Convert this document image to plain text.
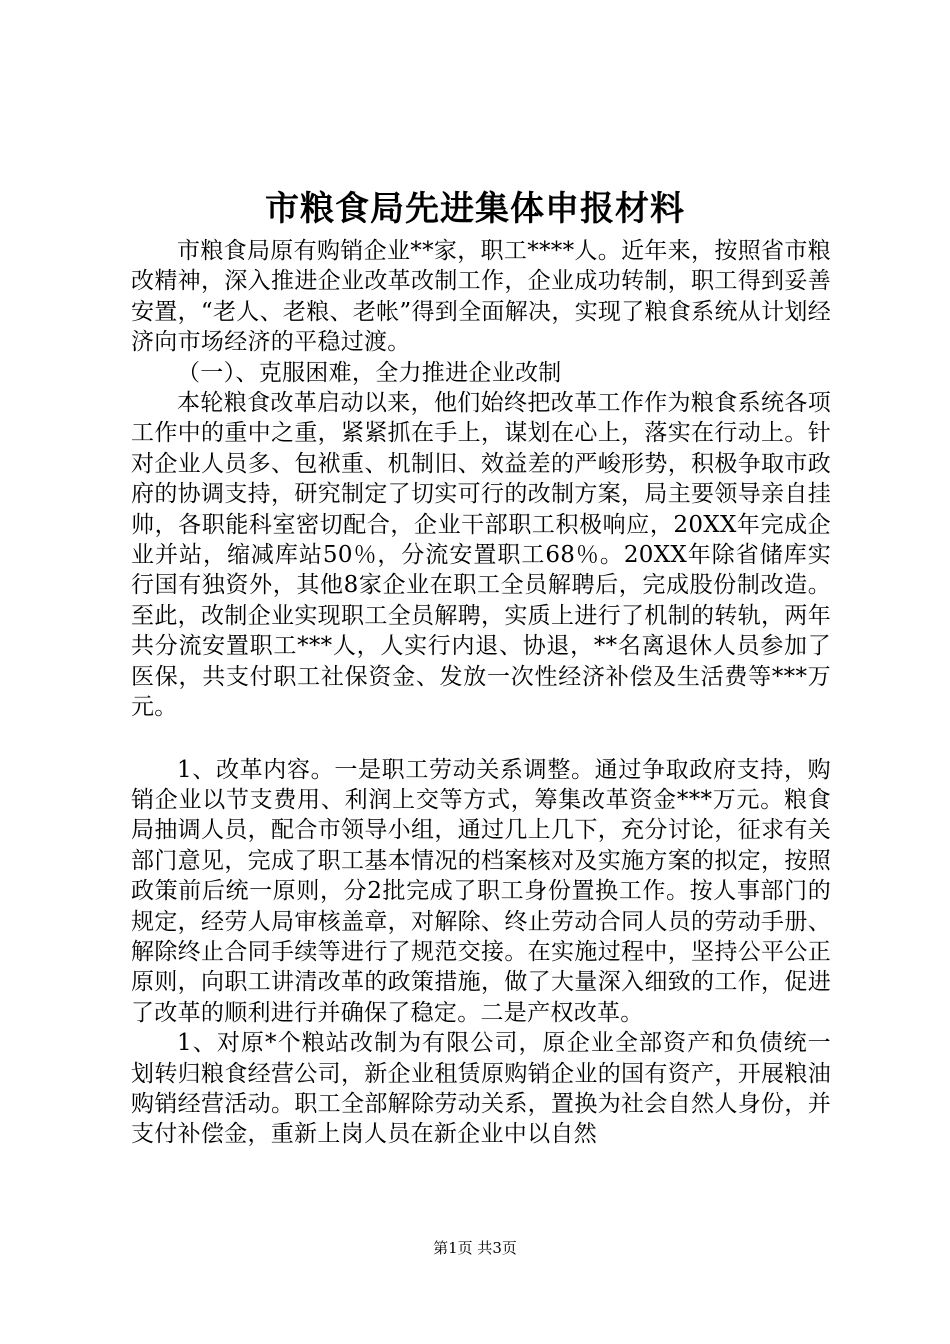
市粮食局先进集体申报材料

市粮食局原有购销企业**家，职工****人。近年来，按照省市粮改精神，深入推进企业改革改制工作，企业成功转制，职工得到妥善安置，“老人、老粮、老帐”得到全面解决，实现了粮食系统从计划经济向市场经济的平稳过渡。

（一）、克服困难，全力推进企业改制

本轮粮食改革启动以来，他们始终把改革工作作为粮食系统各项工作中的重中之重，紧紧抓在手上，谋划在心上，落实在行动上。针对企业人员多、包袱重、机制旧、效益差的严峻形势，积极争取市政府的协调支持，研究制定了切实可行的改制方案，局主要领导亲自挂帅，各职能科室密切配合，企业干部职工积极响应，20XX年完成企业并站，缩减库站50％，分流安置职工68％。20XX年除省储库实行国有独资外，其他8家企业在职工全员解聘后，完成股份制改造。至此，改制企业实现职工全员解聘，实质上进行了机制的转轨，两年共分流安置职工***人，人实行内退、协退，**名离退休人员参加了医保，共支付职工社保资金、发放一次性经济补偿及生活费等***万元。

1、改革内容。一是职工劳动关系调整。通过争取政府支持，购销企业以节支费用、利润上交等方式，筹集改革资金***万元。粮食局抽调人员，配合市领导小组，通过几上几下，充分讨论，征求有关部门意见，完成了职工基本情况的档案核对及实施方案的拟定，按照政策前后统一原则，分2批完成了职工身份置换工作。按人事部门的规定，经劳人局审核盖章，对解除、终止劳动合同人员的劳动手册、解除终止合同手续等进行了规范交接。在实施过程中，坚持公平公正原则，向职工讲清改革的政策措施，做了大量深入细致的工作，促进了改革的顺利进行并确保了稳定。二是产权改革。

1、对原*个粮站改制为有限公司，原企业全部资产和负债统一划转归粮食经营公司，新企业租赁原购销企业的国有资产，开展粮油购销经营活动。职工全部解除劳动关系，置换为社会自然人身份，并支付补偿金，重新上岗人员在新企业中以自然

第1页 共3页
